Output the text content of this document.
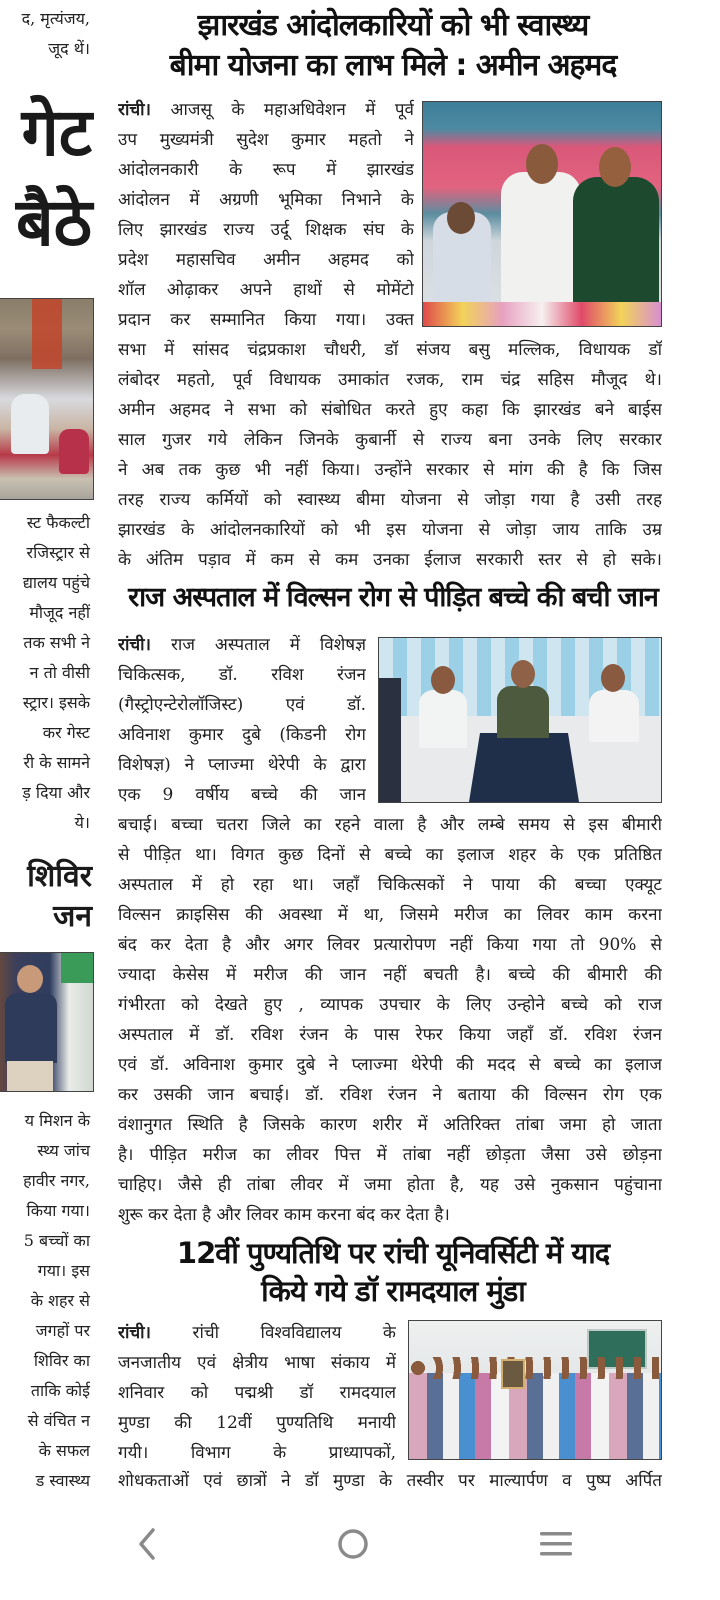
द, मृत्यंजय,
जूद थें।
गेट
बैठे
स्ट फैकल्टी
रजिस्ट्रार से
द्यालय पहुंचे
मौजूद नहीं
तक सभी ने
न तो वीसी
स्ट्रार। इसके
कर गेस्ट
री के सामने
ड़ दिया और
ये।
शिविर
जन
य मिशन के
स्थ्य जांच
हावीर नगर,
किया गया।
5 बच्चों का
गया। इस
के शहर से
जगहों पर
शिविर का
ताकि कोई
से वंचित न
के सफल
ड स्वास्थ्य
झारखंड आंदोलकारियों को भी स्वास्थ्य
बीमा योजना का लाभ मिले : अमीन अहमद
रांची। आजसू के महाअधिवेशन में पूर्व
उप मुख्यमंत्री सुदेश कुमार महतो ने
आंदोलनकारी के रूप में झारखंड
आंदोलन में अग्रणी भूमिका निभाने के
लिए झारखंड राज्य उर्दू शिक्षक संघ के
प्रदेश महासचिव अमीन अहमद को
शॉल ओढ़ाकर अपने हाथों से मोमेंटो
प्रदान कर सम्मानित किया गया। उक्त
सभा में सांसद चंद्रप्रकाश चौधरी, डॉ संजय बसु मल्लिक, विधायक डॉ
लंबोदर महतो, पूर्व विधायक उमाकांत रजक, राम चंद्र सहिस मौजूद थे।
अमीन अहमद ने सभा को संबोधित करते हुए कहा कि झारखंड बने बाईस
साल गुजर गये लेकिन जिनके कुबार्नी से राज्य बना उनके लिए सरकार
ने अब तक कुछ भी नहीं किया। उन्होंने सरकार से मांग की है कि जिस
तरह राज्य कर्मियों को स्वास्थ्य बीमा योजना से जोड़ा गया है उसी तरह
झारखंड के आंदोलनकारियों को भी इस योजना से जोड़ा जाय ताकि उम्र
के अंतिम पड़ाव में कम से कम उनका ईलाज सरकारी स्तर से हो सके।
राज अस्पताल में विल्सन रोग से पीड़ित बच्चे की बची जान
रांची। राज अस्पताल में विशेषज्ञ
चिकित्सक, डॉ. रविश रंजन
(गैस्ट्रोएन्टेरोलॉजिस्ट) एवं डॉ.
अविनाश कुमार दुबे (किडनी रोग
विशेषज्ञ) ने प्लाज्मा थेरेपी के द्वारा
एक 9 वर्षीय बच्चे की जान
बचाई। बच्चा चतरा जिले का रहने वाला है और लम्बे समय से इस बीमारी
से पीड़ित था। विगत कुछ दिनों से बच्चे का इलाज शहर के एक प्रतिष्ठित
अस्पताल में हो रहा था। जहाँ चिकित्सकों ने पाया की बच्चा एक्यूट
विल्सन क्राइसिस की अवस्था में था, जिसमे मरीज का लिवर काम करना
बंद कर देता है और अगर लिवर प्रत्यारोपण नहीं किया गया तो 90% से
ज्यादा केसेस में मरीज की जान नहीं बचती है। बच्चे की बीमारी की
गंभीरता को देखते हुए , व्यापक उपचार के लिए उन्होने बच्चे को राज
अस्पताल में डॉ. रविश रंजन के पास रेफर किया जहाँ डॉ. रविश रंजन
एवं डॉ. अविनाश कुमार दुबे ने प्लाज्मा थेरेपी की मदद से बच्चे का इलाज
कर उसकी जान बचाई। डॉ. रविश रंजन ने बताया की विल्सन रोग एक
वंशानुगत स्थिति है जिसके कारण शरीर में अतिरिक्त तांबा जमा हो जाता
है। पीड़ित मरीज का लीवर पित्त में तांबा नहीं छोड़ता जैसा उसे छोड़ना
चाहिए। जैसे ही तांबा लीवर में जमा होता है, यह उसे नुकसान पहुंचाना
शुरू कर देता है और लिवर काम करना बंद कर देता है।
12वीं पुण्यतिथि पर रांची यूनिवर्सिटी में याद
किये गये डॉ रामदयाल मुंडा
रांची। रांची विश्वविद्यालय के
जनजातीय एवं क्षेत्रीय भाषा संकाय में
शनिवार को पद्मश्री डॉ रामदयाल
मुण्डा की 12वीं पुण्यतिथि मनायी
गयी। विभाग के प्राध्यापकों,
शोधकताओं एवं छात्रों ने डॉ मुण्डा के तस्वीर पर माल्यार्पण व पुष्प अर्पित
